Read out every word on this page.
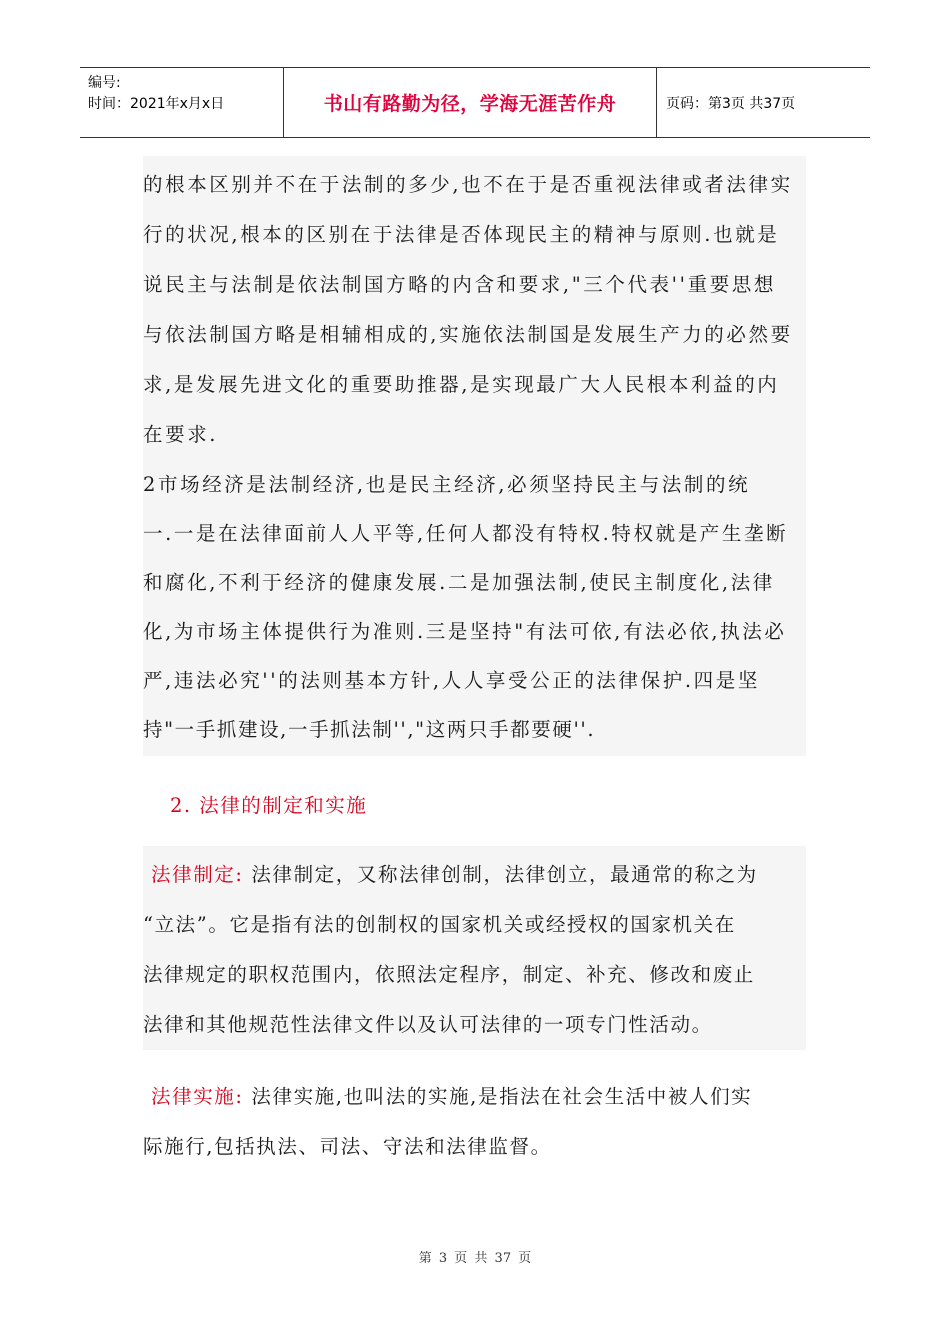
编号:
时间：2021年x月x日	书山有路勤为径，学海无涯苦作舟	页码：第3页 共37页
的根本区别并不在于法制的多少,也不在于是否重视法律或者法律实
行的状况,根本的区别在于法律是否体现民主的精神与原则.也就是
说民主与法制是依法制国方略的内含和要求,"三个代表''重要思想
与依法制国方略是相辅相成的,实施依法制国是发展生产力的必然要
求,是发展先进文化的重要助推器,是实现最广大人民根本利益的内
在要求.
2市场经济是法制经济,也是民主经济,必须坚持民主与法制的统
一.一是在法律面前人人平等,任何人都没有特权.特权就是产生垄断
和腐化,不利于经济的健康发展.二是加强法制,使民主制度化,法律
化,为市场主体提供行为准则.三是坚持"有法可依,有法必依,执法必
严,违法必究''的法则基本方针,人人享受公正的法律保护.四是坚
持"一手抓建设,一手抓法制'',"这两只手都要硬''.
2. 法律的制定和实施
法律制定: 法律制定，又称法律创制，法律创立，最通常的称之为
“立法”。它是指有法的创制权的国家机关或经授权的国家机关在
法律规定的职权范围内，依照法定程序，制定、补充、修改和废止
法律和其他规范性法律文件以及认可法律的一项专门性活动。
法律实施: 法律实施,也叫法的实施,是指法在社会生活中被人们实
际施行,包括执法、司法、守法和法律监督。
第 3 页 共 37 页
